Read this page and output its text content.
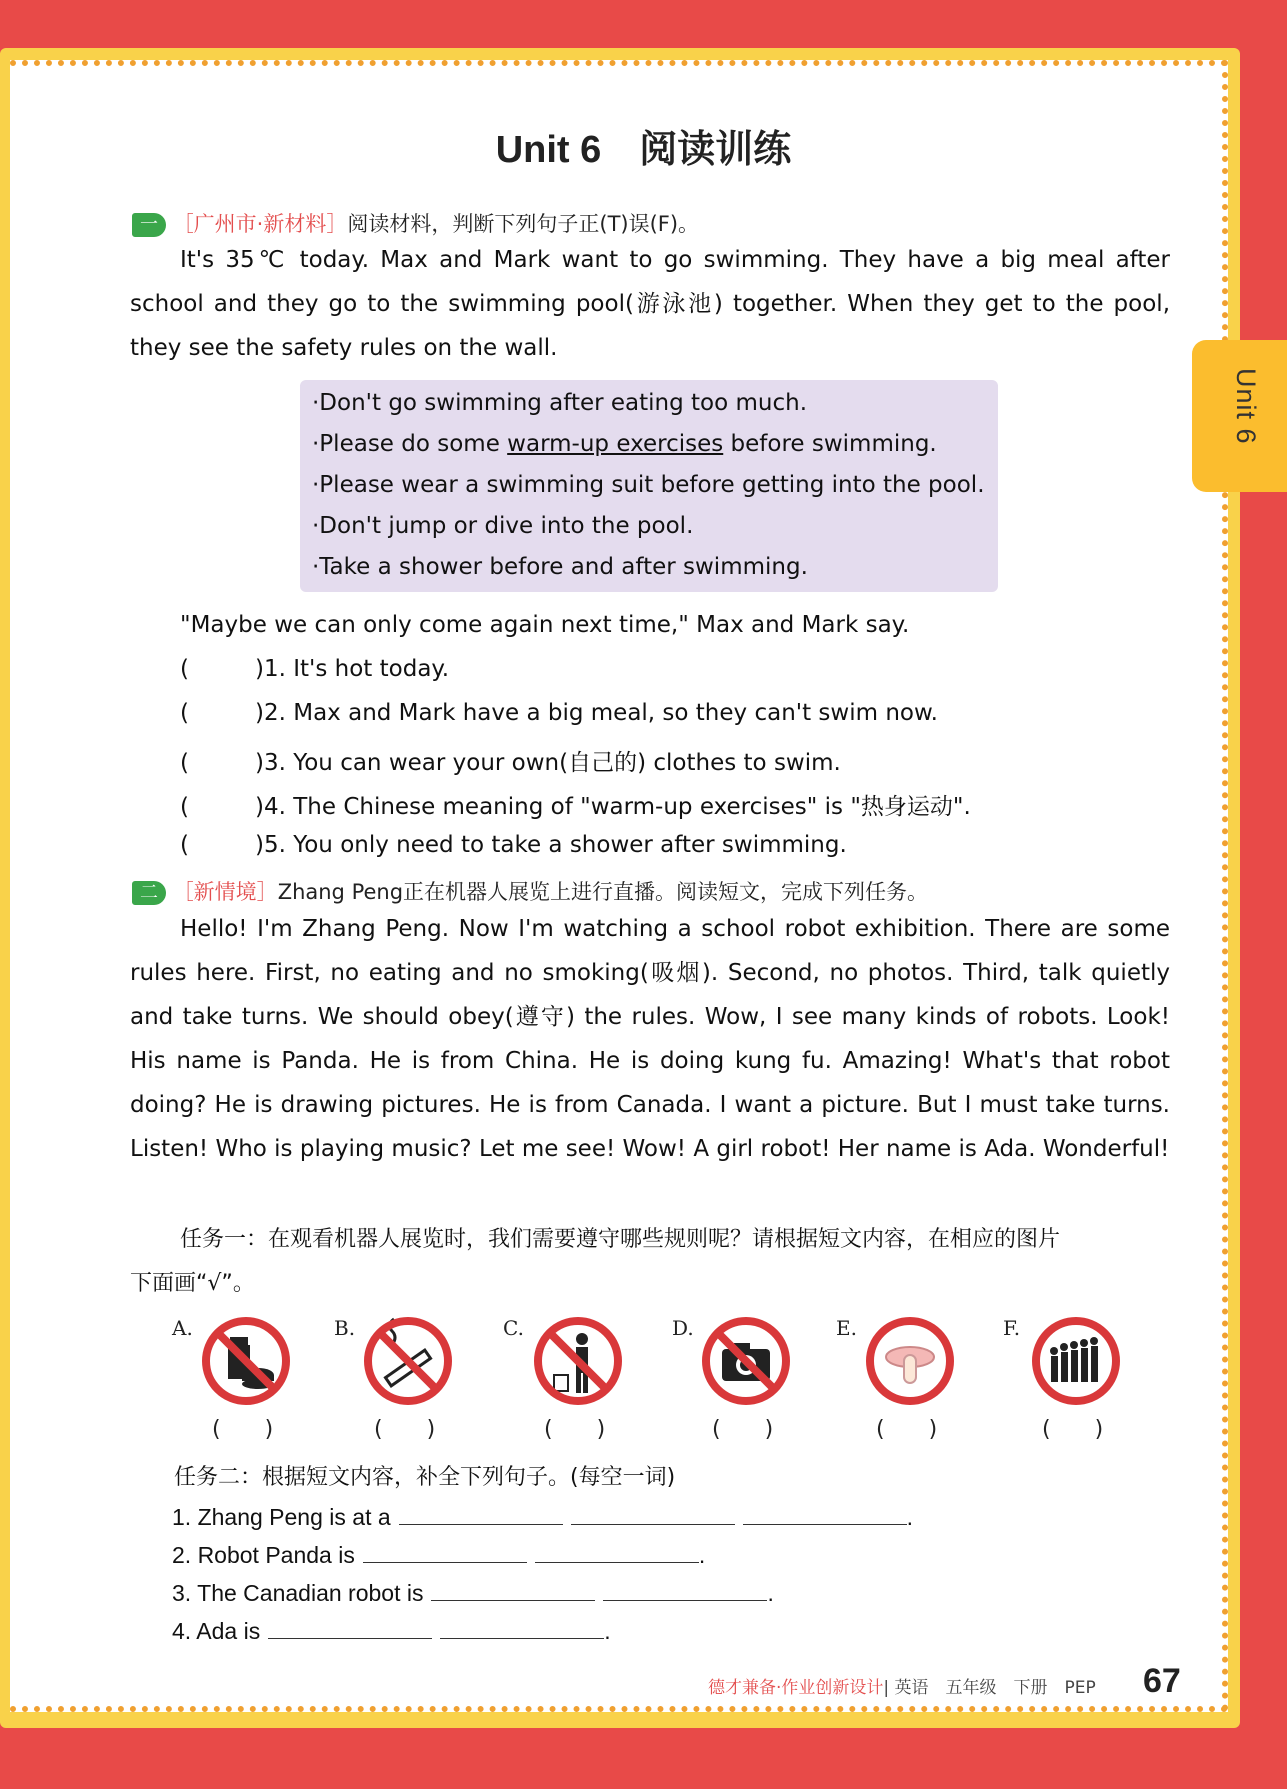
Unit 6
Unit 6　阅读训练
一 ［广州市·新材料］阅读材料，判断下列句子正(T)误(F)。

It's 35℃ today. Max and Mark want to go swimming. They have a big meal after school and they go to the swimming pool(游泳池) together. When they get to the pool, they see the safety rules on the wall.

·Don't go swimming after eating too much.
·Please do some warm-up exercises before swimming.
·Please wear a swimming suit before getting into the pool.
·Don't jump or dive into the pool.
·Take a shower before and after swimming.
"Maybe we can only come again next time," Max and Mark say.
(	)1. It's hot today.
(	)2. Max and Mark have a big meal, so they can't swim now.
(	)3. You can wear your own(自己的) clothes to swim.
(	)4. The Chinese meaning of "warm-up exercises" is "热身运动".
(	)5. You only need to take a shower after swimming.
二 ［新情境］Zhang Peng正在机器人展览上进行直播。阅读短文，完成下列任务。

Hello! I'm Zhang Peng. Now I'm watching a school robot exhibition. There are some rules here. First, no eating and no smoking(吸烟). Second, no photos. Third, talk quietly and take turns. We should obey(遵守) the rules. Wow, I see many kinds of robots. Look! His name is Panda. He is from China. He is doing kung fu. Amazing! What's that robot doing? He is drawing pictures. He is from Canada. I want a picture. But I must take turns. Listen! Who is playing music? Let me see! Wow! A girl robot! Her name is Ada. Wonderful!

任务一：在观看机器人展览时，我们需要遵守哪些规则呢？请根据短文内容，在相应的图片
下面画“√”。
A.
(　　)
B.
(　　)
C.
(　　)
D.
(　　)
E.
(　　)
F.
(　　)
任务二：根据短文内容，补全下列句子。(每空一词)
1. Zhang Peng is at a	.
2. Robot Panda is	.
3. The Canadian robot is	.
4. Ada is	.
德才兼备·作业创新设计| 英语　五年级　下册　PEP 67
